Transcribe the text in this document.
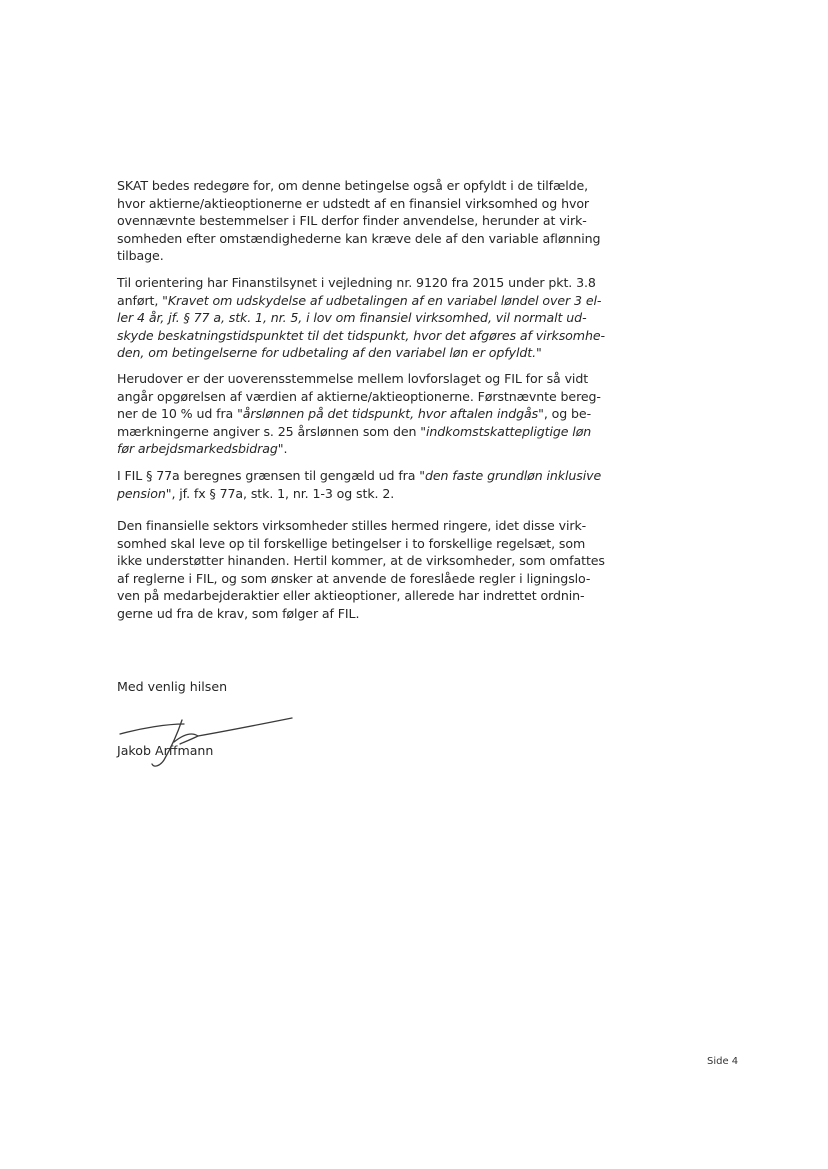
SKAT bedes redegøre for, om denne betingelse også er opfyldt i de tilfælde,
hvor aktierne/aktieoptionerne er udstedt af en finansiel virksomhed og hvor
ovennævnte bestemmelser i FIL derfor finder anvendelse, herunder at virk-
somheden efter omstændighederne kan kræve dele af den variable aflønning
tilbage.

Til orientering har Finanstilsynet i vejledning nr. 9120 fra 2015 under pkt. 3.8
anført, "Kravet om udskydelse af udbetalingen af en variabel løndel over 3 el-
ler 4 år, jf. § 77 a, stk. 1, nr. 5, i lov om finansiel virksomhed, vil normalt ud-
skyde beskatningstidspunktet til det tidspunkt, hvor det afgøres af virksomhe-
den, om betingelserne for udbetaling af den variabel løn er opfyldt."

Herudover er der uoverensstemmelse mellem lovforslaget og FIL for så vidt
angår opgørelsen af værdien af aktierne/aktieoptionerne. Førstnævnte bereg-
ner de 10 % ud fra "årslønnen på det tidspunkt, hvor aftalen indgås", og be-
mærkningerne angiver s. 25 årslønnen som den "indkomstskattepligtige løn
før arbejdsmarkedsbidrag".

I FIL § 77a beregnes grænsen til gengæld ud fra "den faste grundløn inklusive
pension", jf. fx § 77a, stk. 1, nr. 1-3 og stk. 2.

Den finansielle sektors virksomheder stilles hermed ringere, idet disse virk-
somhed skal leve op til forskellige betingelser i to forskellige regelsæt, som
ikke understøtter hinanden. Hertil kommer, at de virksomheder, som omfattes
af reglerne i FIL, og som ønsker at anvende de foreslåede regler i ligningslo-
ven på medarbejderaktier eller aktieoptioner, allerede har indrettet ordnin-
gerne ud fra de krav, som følger af FIL.

Med venlig hilsen

Jakob Arffmann

Side 4
